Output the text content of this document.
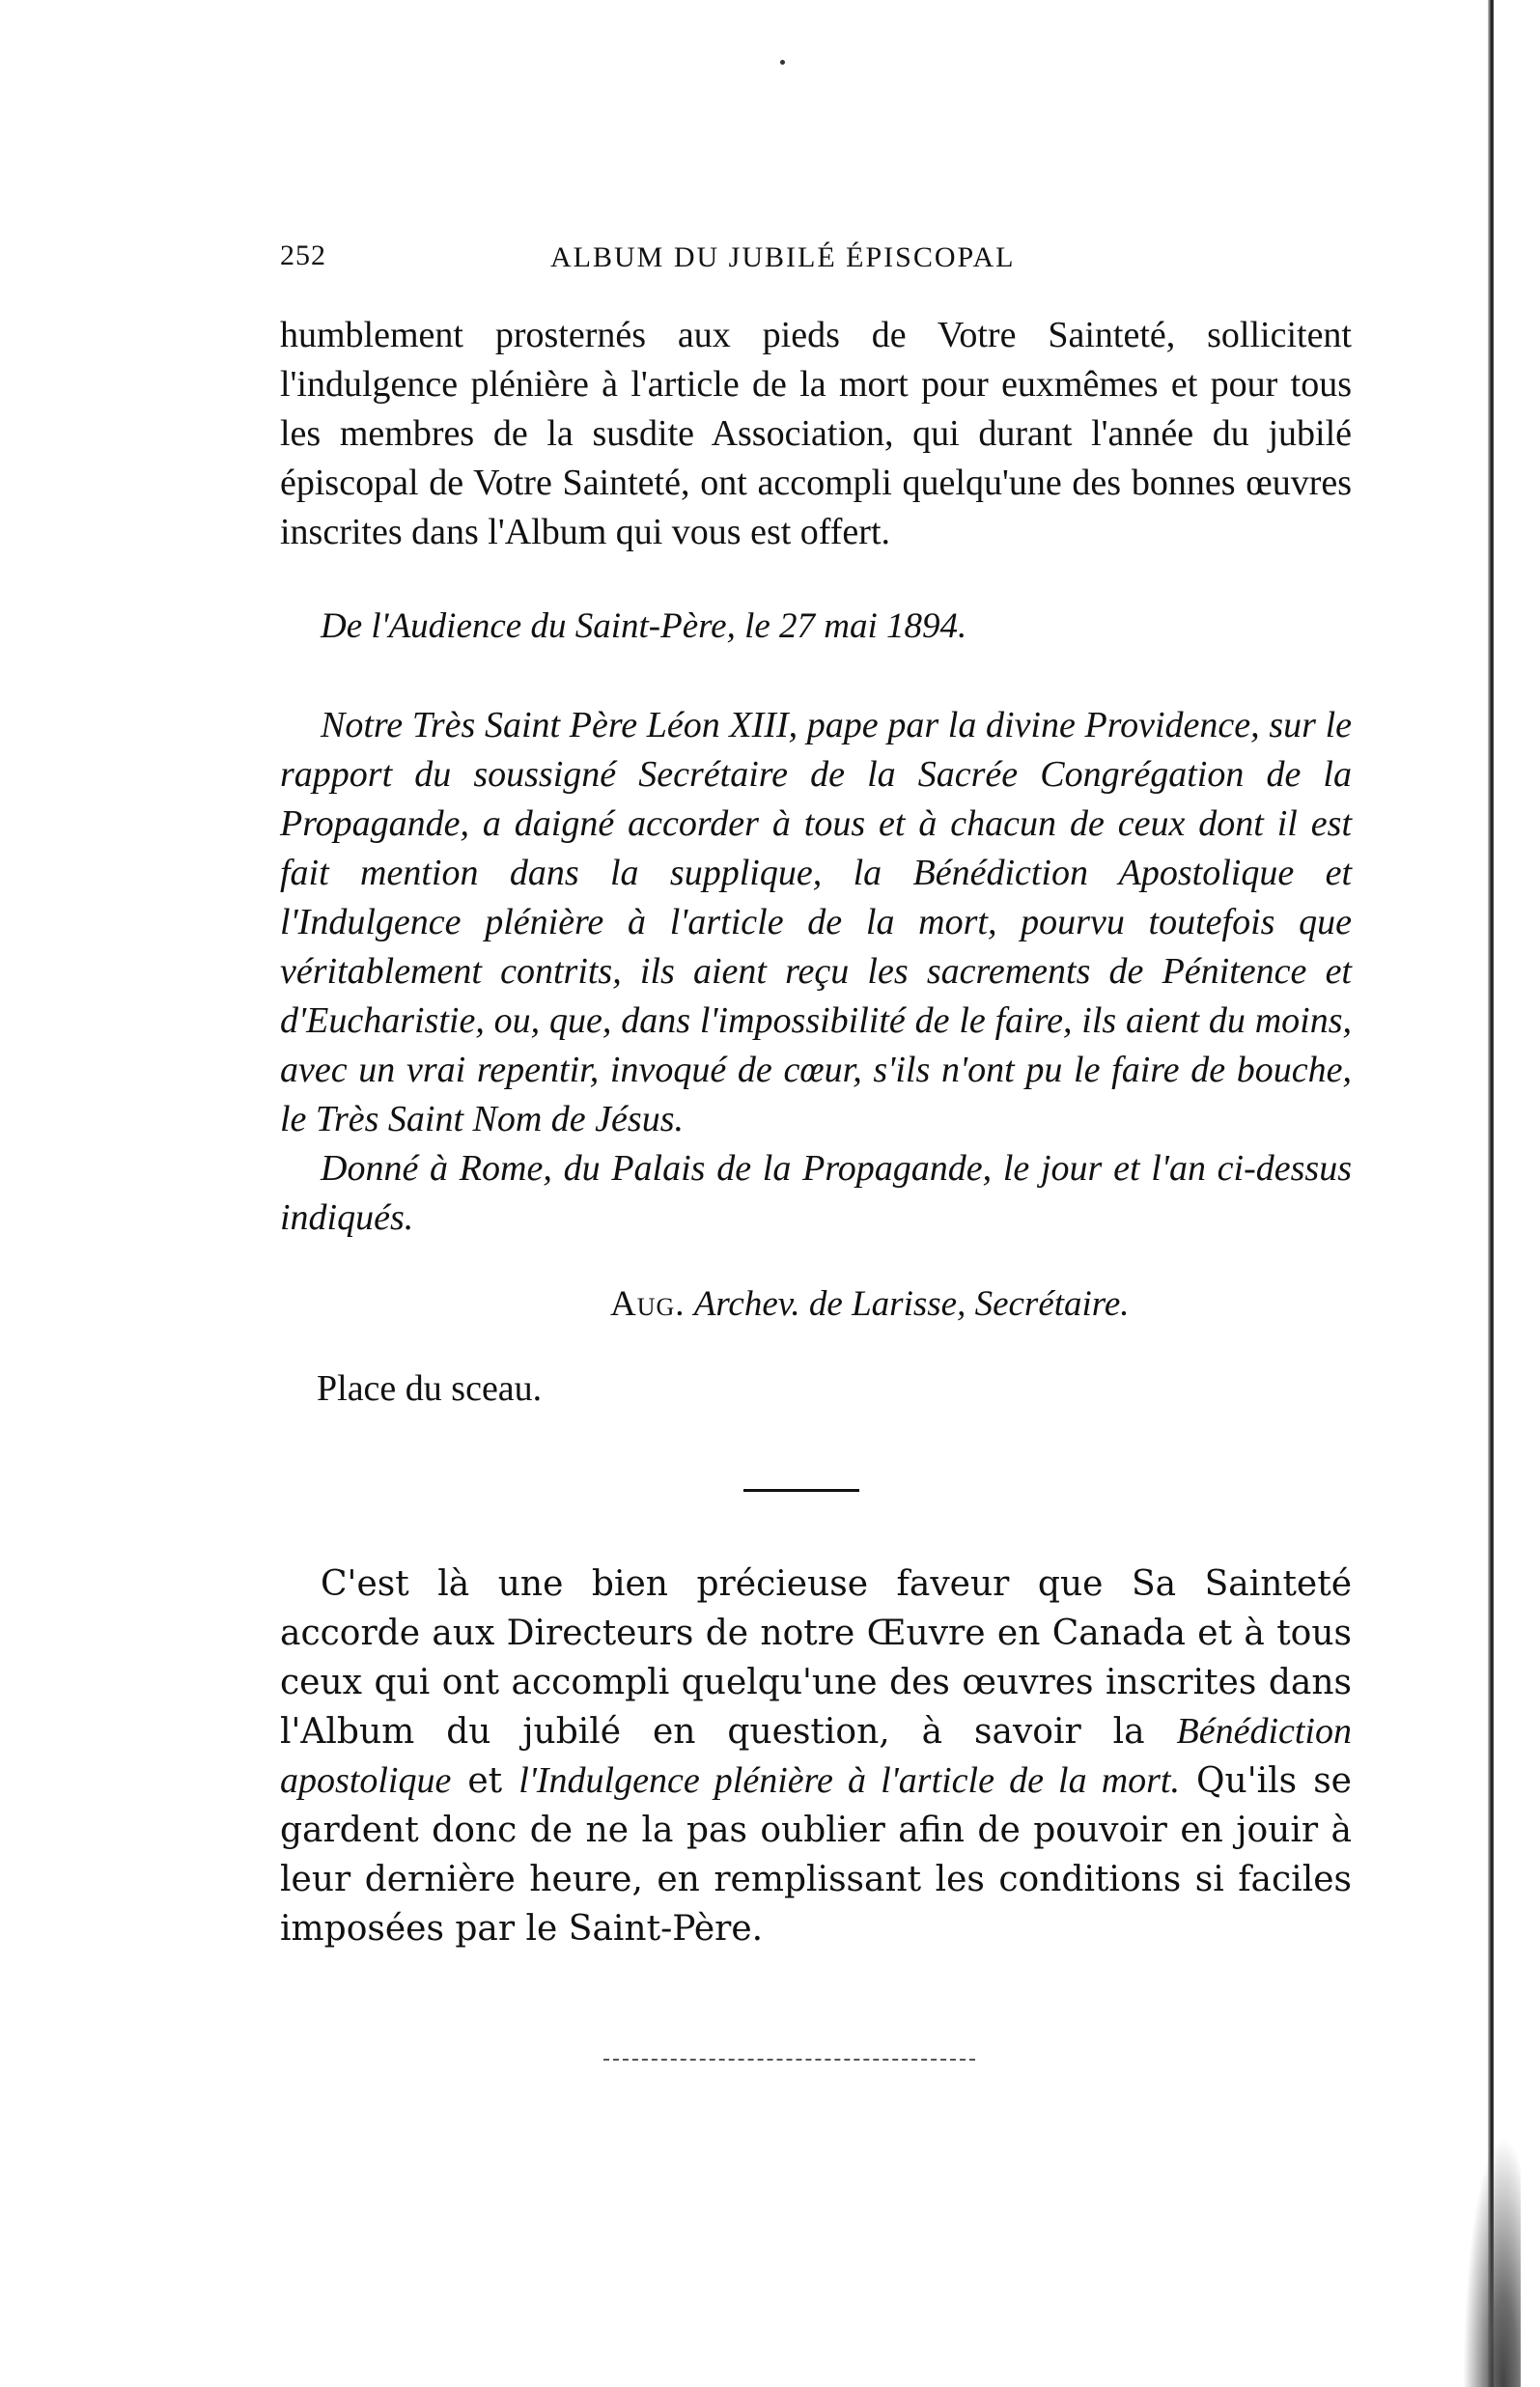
252	ALBUM DU JUBILÉ ÉPISCOPAL

humblement prosternés aux pieds de Votre Sainteté, sollicitent l'indulgence plénière à l'article de la mort pour euxmêmes et pour tous les membres de la susdite Association, qui durant l'année du jubilé épiscopal de Votre Sainteté, ont accompli quelqu'une des bonnes œuvres inscrites dans l'Album qui vous est offert.

De l'Audience du Saint-Père, le 27 mai 1894.

Notre Très Saint Père Léon XIII, pape par la divine Providence, sur le rapport du soussigné Secrétaire de la Sacrée Congrégation de la Propagande, a daigné accorder à tous et à chacun de ceux dont il est fait mention dans la supplique, la Bénédiction Apostolique et l'Indulgence plénière à l'article de la mort, pourvu toutefois que véritablement contrits, ils aient reçu les sacrements de Pénitence et d'Eucharistie, ou, que, dans l'impossibilité de le faire, ils aient du moins, avec un vrai repentir, invoqué de cœur, s'ils n'ont pu le faire de bouche, le Très Saint Nom de Jésus.

Donné à Rome, du Palais de la Propagande, le jour et l'an ci-dessus indiqués.

Aug. Archev. de Larisse, Secrétaire.

Place du sceau.

C'est là une bien précieuse faveur que Sa Sainteté accorde aux Directeurs de notre Œuvre en Canada et à tous ceux qui ont accompli quelqu'une des œuvres inscrites dans l'Album du jubilé en question, à savoir la Bénédiction apostolique et l'Indulgence plénière à l'article de la mort. Qu'ils se gardent donc de ne la pas oublier afin de pouvoir en jouir à leur dernière heure, en remplissant les conditions si faciles imposées par le Saint-Père.
